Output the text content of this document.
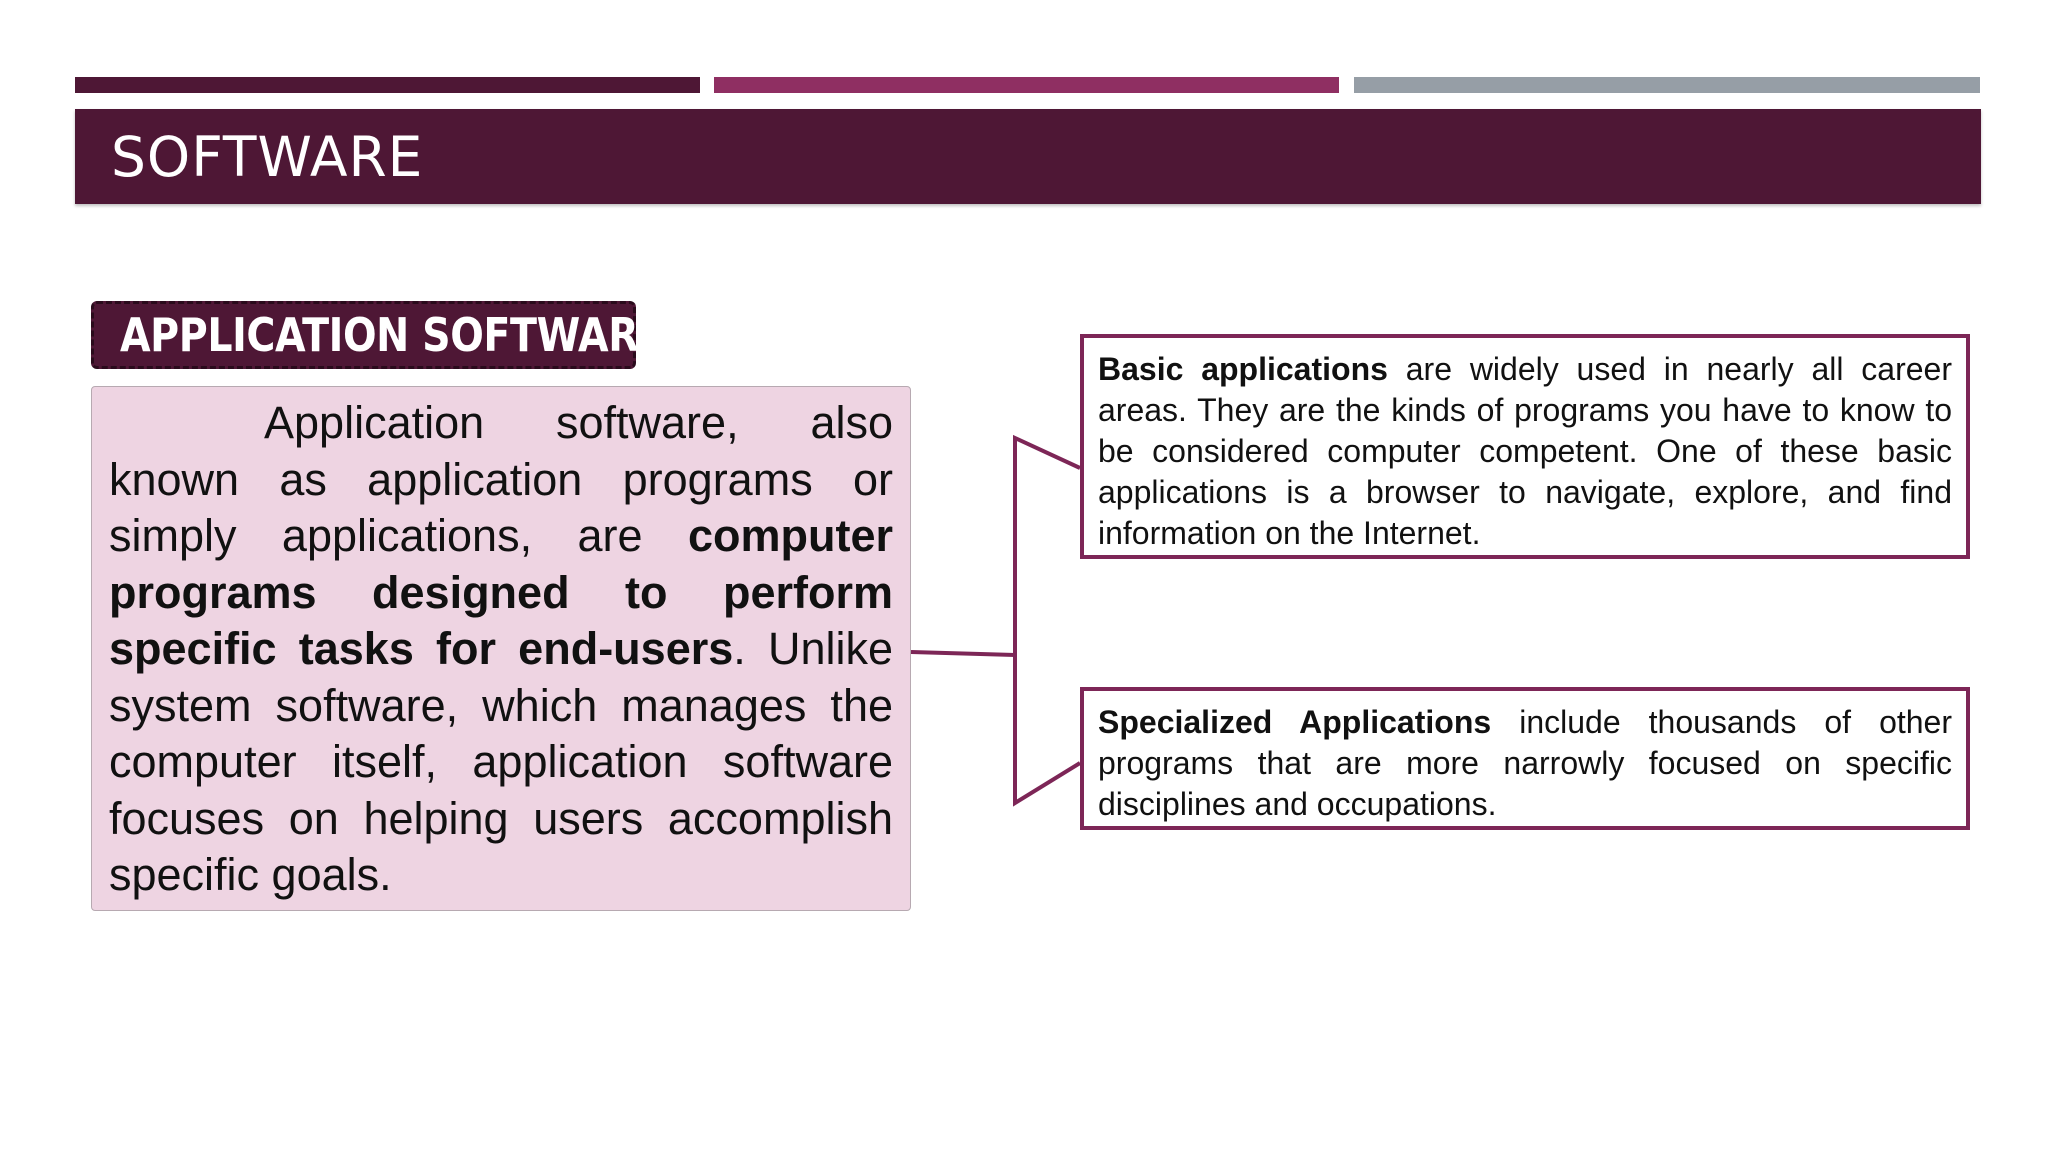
SOFTWARE
APPLICATION SOFTWARE

Application software, also known as application programs or simply applications, are computer programs designed to perform specific tasks for end-users. Unlike system software, which manages the computer itself, application software focuses on helping users accomplish specific goals.

Basic applications are widely used in nearly all career areas. They are the kinds of programs you have to know to be considered computer competent. One of these basic applications is a browser to navigate, explore, and find information on the Internet.

Specialized Applications include thousands of other programs that are more narrowly focused on specific disciplines and occupations.
